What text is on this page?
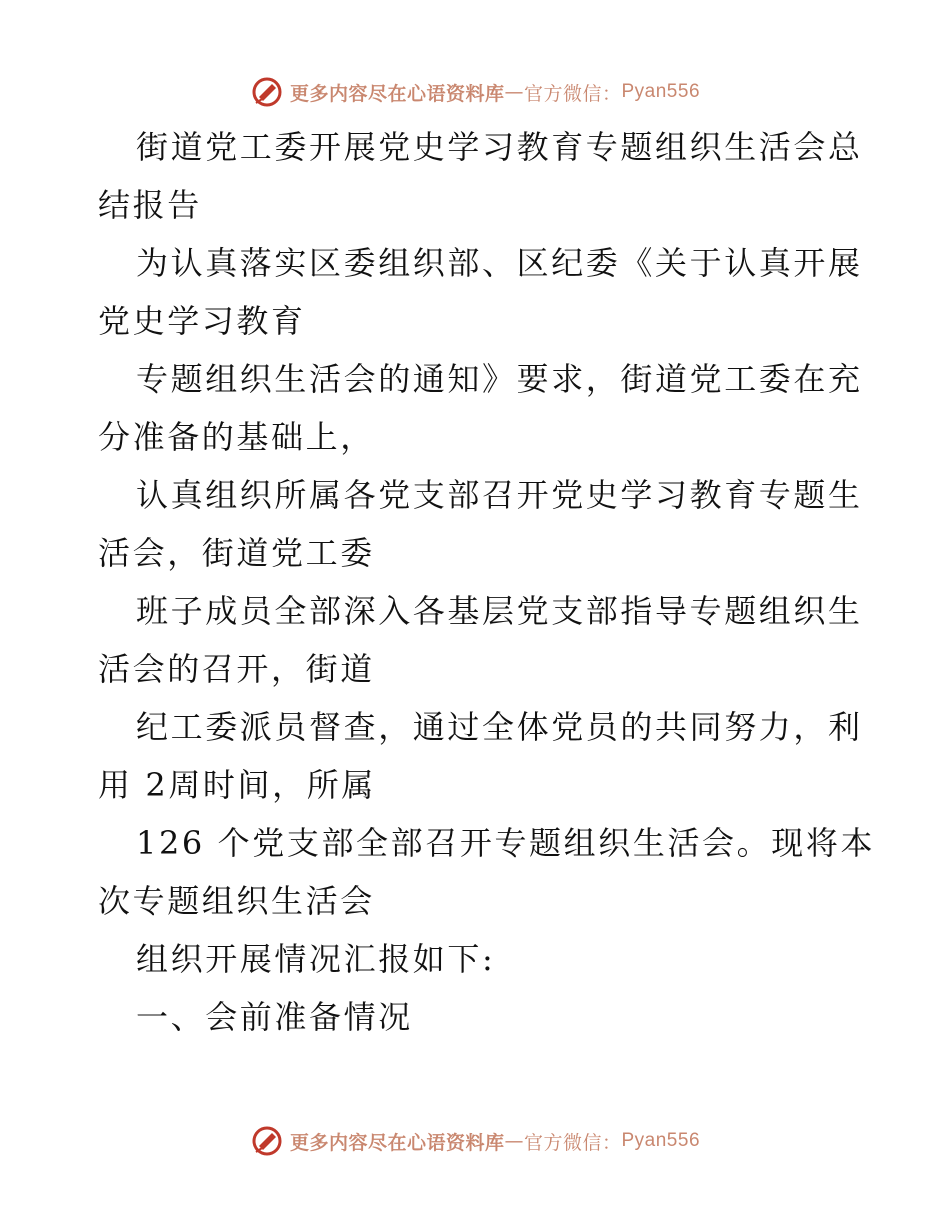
更多内容尽在心语资料库 — 官方微信： Pyan556
街道党工委开展党史学习教育专题组织生活会总
结报告
为认真落实区委组织部、区纪委《关于认真开展
党史学习教育
专题组织生活会的通知》要求，街道党工委在充
分准备的基础上，
认真组织所属各党支部召开党史学习教育专题生
活会，街道党工委
班子成员全部深入各基层党支部指导专题组织生
活会的召开，街道
纪工委派员督查，通过全体党员的共同努力，利
用 2周时间，所属
126 个党支部全部召开专题组织生活会。现将本
次专题组织生活会
组织开展情况汇报如下:
一、会前准备情况
更多内容尽在心语资料库 — 官方微信： Pyan556
